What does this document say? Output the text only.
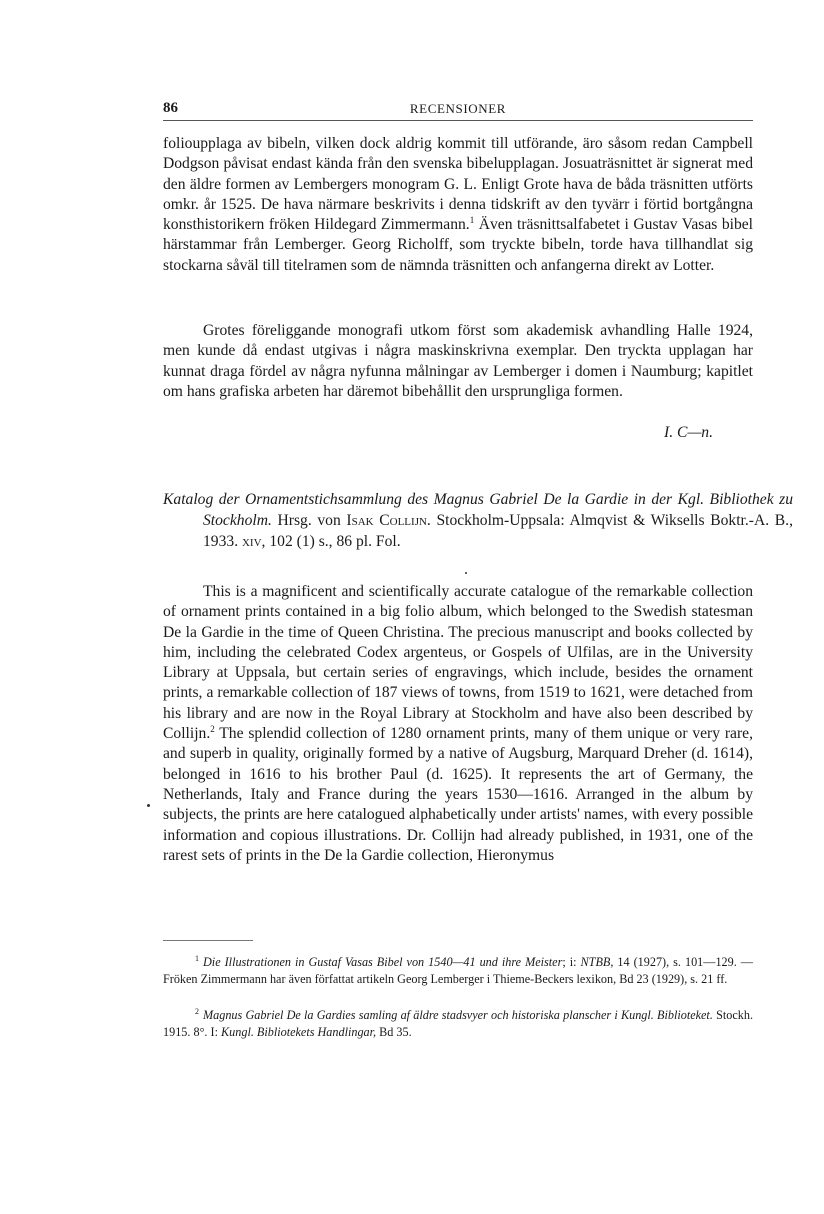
86	RECENSIONER

folioupplaga av bibeln, vilken dock aldrig kommit till utförande, äro såsom redan Campbell Dodgson påvisat endast kända från den svenska bibelupplagan. Josuaträsnittet är signerat med den äldre formen av Lembergers monogram G. L. Enligt Grote hava de båda träsnitten utförts omkr. år 1525. De hava närmare beskrivits i denna tidskrift av den tyvärr i förtid bortgångna konsthistorikern fröken Hildegard Zimmermann.$^1$ Även träsnittsalfabetet i Gustav Vasas bibel härstammar från Lemberger. Georg Richolff, som tryckte bibeln, torde hava tillhandlat sig stockarna såväl till titelramen som de nämnda träsnitten och anfangerna direkt av Lotter.

Grotes föreliggande monografi utkom först som akademisk avhandling Halle 1924, men kunde då endast utgivas i några maskinskrivna exemplar. Den tryckta upplagan har kunnat draga fördel av några nyfunna målningar av Lemberger i domen i Naumburg; kapitlet om hans grafiska arbeten har däremot bibehållit den ursprungliga formen.

I. C—n.

Katalog der Ornamentstichsammlung des Magnus Gabriel De la Gardie in der Kgl. Bibliothek zu Stockholm. Hrsg. von Isak Collijn. Stockholm-Uppsala: Almqvist & Wiksells Boktr.-A. B., 1933. xiv, 102 (1) s., 86 pl. Fol.

This is a magnificent and scientifically accurate catalogue of the remarkable collection of ornament prints contained in a big folio album, which belonged to the Swedish statesman De la Gardie in the time of Queen Christina. The precious manuscript and books collected by him, including the celebrated Codex argenteus, or Gospels of Ulfilas, are in the University Library at Uppsala, but certain series of engravings, which include, besides the ornament prints, a remarkable collection of 187 views of towns, from 1519 to 1621, were detached from his library and are now in the Royal Library at Stockholm and have also been described by Collijn.$^2$ The splendid collection of 1280 ornament prints, many of them unique or very rare, and superb in quality, originally formed by a native of Augsburg, Marquard Dreher (d. 1614), belonged in 1616 to his brother Paul (d. 1625). It represents the art of Germany, the Netherlands, Italy and France during the years 1530—1616. Arranged in the album by subjects, the prints are here catalogued alphabetically under artists' names, with every possible information and copious illustrations. Dr. Collijn had already published, in 1931, one of the rarest sets of prints in the De la Gardie collection, Hieronymus

$^1$ Die Illustrationen in Gustaf Vasas Bibel von 1540—41 und ihre Meister; i: NTBB, 14 (1927), s. 101—129. — Fröken Zimmermann har även författat artikeln Georg Lemberger i Thieme-Beckers lexikon, Bd 23 (1929), s. 21 ff.

$^2$ Magnus Gabriel De la Gardies samling af äldre stadsvyer och historiska planscher i Kungl. Biblioteket. Stockh. 1915. 8°. I: Kungl. Bibliotekets Handlingar, Bd 35.
